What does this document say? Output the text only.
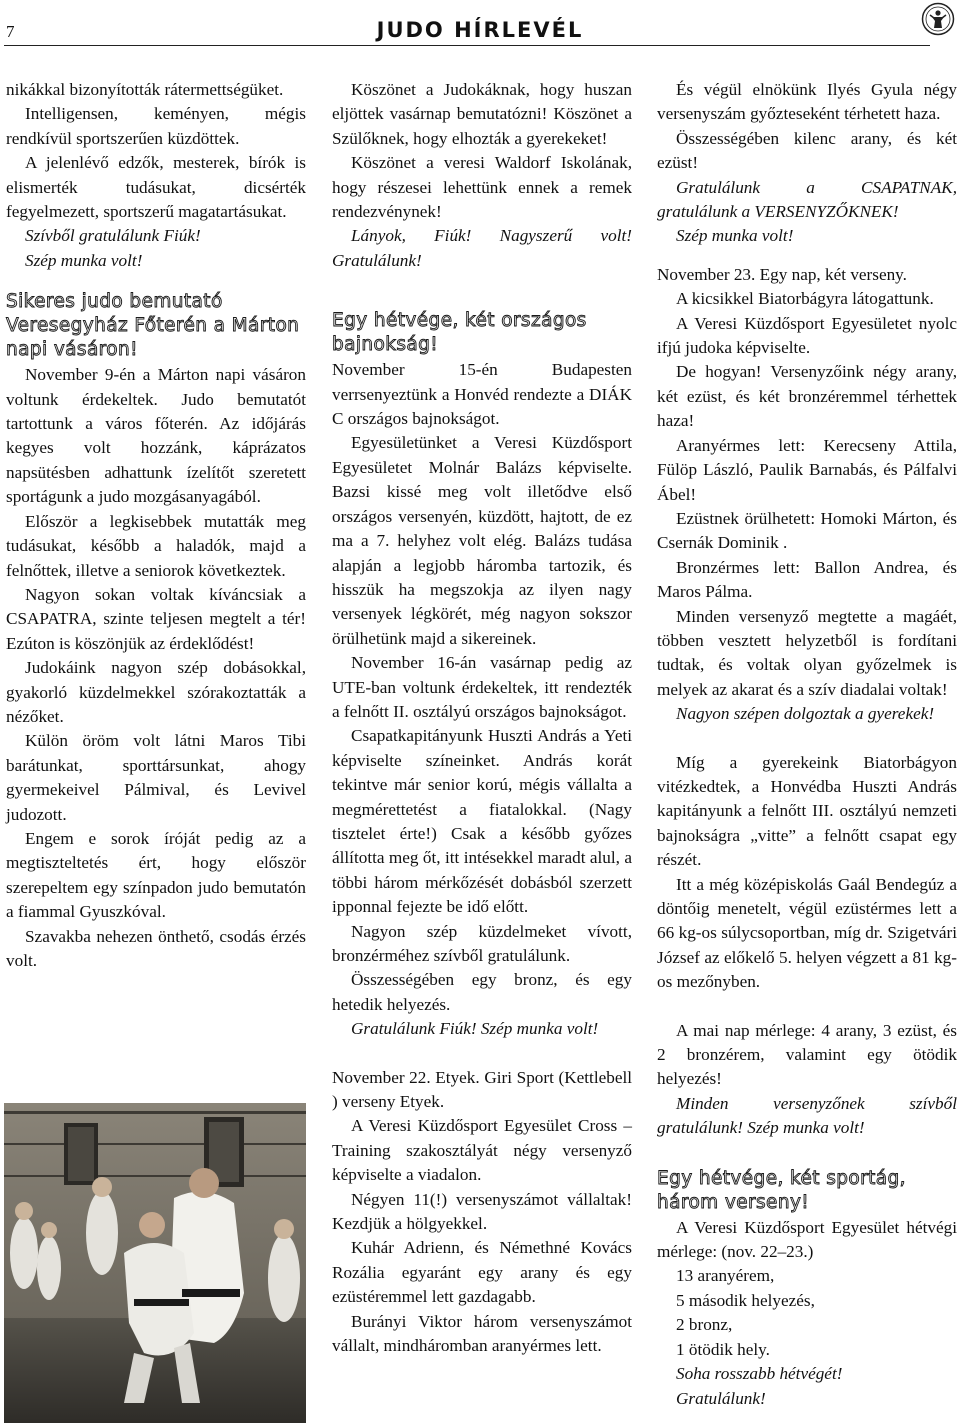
7	JUDO HÍRLEVÉL

nikákkal bizonyították rátermettségüket.

Intelligensen, keményen, mégis rendkívül sportszerűen küzdöttek.

A jelenlévő edzők, mesterek, bírók is elismerték tudásukat, dicsérték fegyelmezett, sportszerű magatartásukat.

Szívből gratulálunk Fiúk!

Szép munka volt!

Sikeres judo bemutató Veresegyház Főterén a Márton napi vásáron!

November 9-én a Márton napi vásáron voltunk érdekeltek. Judo bemutatót tartottunk a város főterén. Az időjárás kegyes volt hozzánk, káprázatos napsütésben adhattunk ízelítőt szeretett sportágunk a judo mozgásanyagából.

Először a legkisebbek mutatták meg tudásukat, később a haladók, majd a felnőttek, illetve a seniorok következtek.

Nagyon sokan voltak kíváncsiak a CSAPATRA, szinte teljesen megtelt a tér! Ezúton is köszönjük az érdeklődést!

Judokáink nagyon szép dobásokkal, gyakorló küzdelmekkel szórakoztatták a nézőket.

Külön öröm volt látni Maros Tibi barátunkat, sporttársunkat, ahogy gyermekeivel Pálmival, és Levivel judozott.

Engem e sorok íróját pedig az a megtiszteltetés ért, hogy először szerepeltem egy színpadon judo bemutatón a fiammal Gyuszkóval.

Szavakba nehezen önthető, csodás érzés volt.

Köszönet a Judokáknak, hogy huszan eljöttek vasárnap bemutatózni! Köszönet a Szülőknek, hogy elhozták a gyerekeket!

Köszönet a veresi Waldorf Iskolának, hogy részesei lehettünk ennek a remek rendezvénynek!

Lányok, Fiúk! Nagyszerű volt! Gratulálunk!

Egy hétvége, két országos bajnokság!

November 15-én Budapesten verrsenyeztünk a Honvéd rendezte a DIÁK C országos bajnokságot.

Egyesületünket a Veresi Küzdősport Egyesületet Molnár Balázs képviselte. Bazsi kissé meg volt illetődve első országos versenyén, küzdött, hajtott, de ez ma a 7. helyhez volt elég. Balázs tudása alapján a legjobb háromba tartozik, és hisszük ha megszokja az ilyen nagy versenyek légkörét, még nagyon sokszor örülhetünk majd a sikereinek.

November 16-án vasárnap pedig az UTE-ban voltunk érdekeltek, itt rendezték a felnőtt II. osztályú országos bajnokságot.

Csapatkapitányunk Huszti András a Yeti képviselte színeinket. András korát tekintve már senior korú, mégis vállalta a megmérettetést a fiatalokkal. (Nagy tisztelet érte!) Csak a később győzes állította meg őt, itt intésekkel maradt alul, a többi három mérkőzését dobásból szerzett ipponnal fejezte be idő előtt.

Nagyon szép küzdelmeket vívott, bronzérméhez szívből gratulálunk.

Összességében egy bronz, és egy hetedik helyezés.

Gratulálunk Fiúk! Szép munka volt!

November 22. Etyek. Giri Sport (Kettlebell ) verseny Etyek.

A Veresi Küzdősport Egyesület Cross – Training szakosztályát négy versenyző képviselte a viadalon.

Négyen 11(!) versenyszámot vállaltak! Kezdjük a hölgyekkel.

Kuhár Adrienn, és Némethné Kovács Rozália egyaránt egy arany és egy ezüstéremmel lett gazdagabb.

Burányi Viktor három versenyszámot vállalt, mindháromban aranyérmes lett.

És végül elnökünk Ilyés Gyula négy versenyszám győzteseként térhetett haza.

Összességében kilenc arany, és két ezüst!

Gratulálunk a CSAPATNAK, gratulálunk a VERSENYZŐKNEK!

Szép munka volt!

November 23. Egy nap, két verseny.

A kicsikkel Biatorbágyra látogattunk.

A Veresi Küzdősport Egyesületet nyolc ifjú judoka képviselte.

De hogyan! Versenyzőink négy arany, két ezüst, és két bronzéremmel térhettek haza!

Aranyérmes lett: Kerecseny Attila, Fülöp László, Paulik Barnabás, és Pálfalvi Ábel!

Ezüstnek örülhetett: Homoki Márton, és Csernák Dominik .

Bronzérmes lett: Ballon Andrea, és Maros Pálma.

Minden versenyző megtette a magáét, többen vesztett helyzetből is fordítani tudtak, és voltak olyan győzelmek is melyek az akarat és a szív diadalai voltak!

Nagyon szépen dolgoztak a gyerekek!

Míg a gyerekeink Biatorbágyon vitézkedtek, a Honvédba Huszti András kapitányunk a felnőtt III. osztályú nemzeti bajnokságra „vitte” a felnőtt csapat egy részét.

Itt a még középiskolás Gaál Bendegúz a döntőig menetelt, végül ezüstérmes lett a 66 kg-os súlycsoportban, míg dr. Szigetvári József az előkelő 5. helyen végzett a 81 kg-os mezőnyben.

A mai nap mérlege: 4 arany, 3 ezüst, és 2 bronzérem, valamint egy ötödik helyezés!

Minden versenyzőnek szívből gratulálunk! Szép munka volt!

Egy hétvége, két sportág, három verseny!

A Veresi Küzdősport Egyesület hétvégi mérlege: (nov. 22–23.)

13 aranyérem,

5 második helyezés,

2 bronz,

1 ötödik hely.

Soha rosszabb hétvégét!

Gratulálunk!
